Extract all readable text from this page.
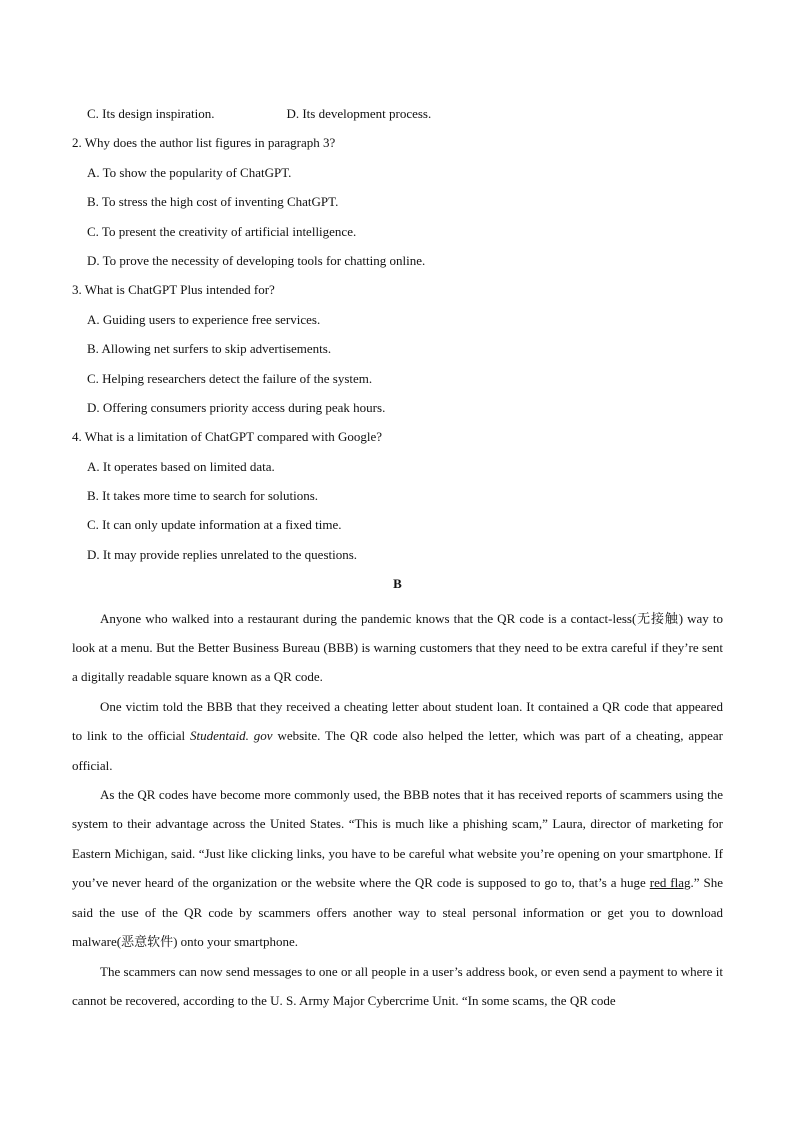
C. Its design inspiration.	D. Its development process.
2. Why does the author list figures in paragraph 3?
A. To show the popularity of ChatGPT.
B. To stress the high cost of inventing ChatGPT.
C. To present the creativity of artificial intelligence.
D. To prove the necessity of developing tools for chatting online.
3. What is ChatGPT Plus intended for?
A. Guiding users to experience free services.
B. Allowing net surfers to skip advertisements.
C. Helping researchers detect the failure of the system.
D. Offering consumers priority access during peak hours.
4. What is a limitation of ChatGPT compared with Google?
A. It operates based on limited data.
B. It takes more time to search for solutions.
C. It can only update information at a fixed time.
D. It may provide replies unrelated to the questions.
B

Anyone who walked into a restaurant during the pandemic knows that the QR code is a contact-less(无接触) way to look at a menu. But the Better Business Bureau (BBB) is warning customers that they need to be extra careful if they’re sent a digitally readable square known as a QR code.

One victim told the BBB that they received a cheating letter about student loan. It contained a QR code that appeared to link to the official Studentaid. gov website. The QR code also helped the letter, which was part of a cheating, appear official.

As the QR codes have become more commonly used, the BBB notes that it has received reports of scammers using the system to their advantage across the United States. “This is much like a phishing scam,” Laura, director of marketing for Eastern Michigan, said. “Just like clicking links, you have to be careful what website you’re opening on your smartphone. If you’ve never heard of the organization or the website where the QR code is supposed to go to, that’s a huge red flag.” She said the use of the QR code by scammers offers another way to steal personal information or get you to download malware(恶意软件) onto your smartphone.

The scammers can now send messages to one or all people in a user’s address book, or even send a payment to where it cannot be recovered, according to the U. S. Army Major Cybercrime Unit. “In some scams, the QR code
